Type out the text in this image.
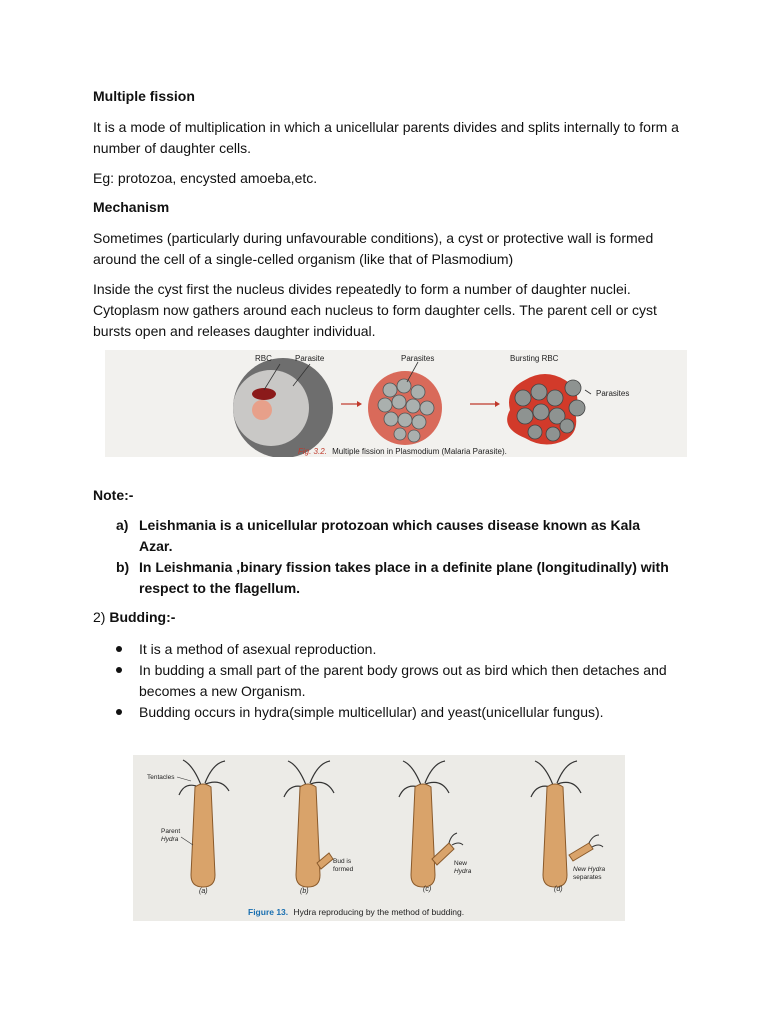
Multiple fission

It is a mode of multiplication in which a unicellular parents divides and splits internally to form a number of daughter cells.

Eg: protozoa, encysted amoeba,etc.

Mechanism

Sometimes (particularly during unfavourable conditions), a cyst or protective wall is formed around the cell of a single-celled organism (like that of Plasmodium)

Inside the cyst first the nucleus divides repeatedly to form a number of daughter nuclei. Cytoplasm now gathers around each nucleus to form daughter cells. The parent cell or cyst bursts open and releases daughter individual.

RBC	Parasite	Parasites	Bursting RBC
Parasites
Fig. 3.2. Multiple fission in Plasmodium (Malaria Parasite).

Note:-

a) Leishmania is a unicellular protozoan which causes disease known as Kala Azar.
b) In Leishmania ,binary fission takes place in a definite plane (longitudinally) with respect to the flagellum.

2) Budding:-

It is a method of asexual reproduction.
In budding a small part of the parent body grows out as bird which then detaches and becomes a new Organism.
Budding occurs in hydra(simple multicellular) and yeast(unicellular fungus).
Tentacles
Parent
Hydra
Bud is
formed
New
Hydra	New Hydra
separates
(a)	(b)	(c)	(d)
Figure 13. Hydra reproducing by the method of budding.
